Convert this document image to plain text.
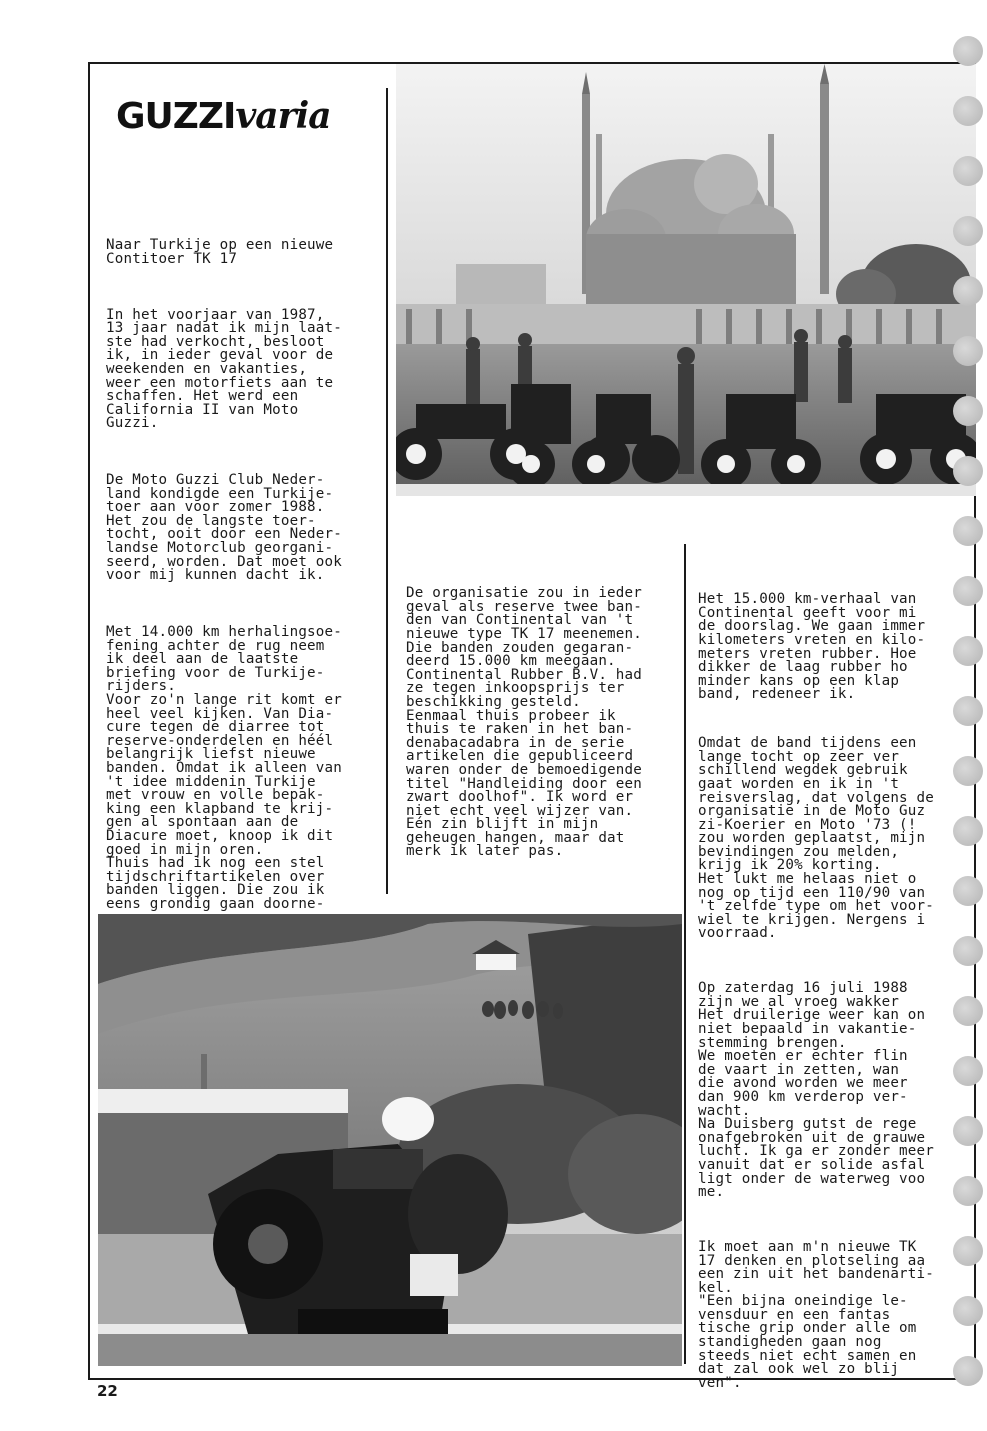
GUZZIvaria

Naar Turkije op een nieuwe
Contitoer TK 17

In het voorjaar van 1987,
13 jaar nadat ik mijn laat-
ste had verkocht, besloot
ik, in ieder geval voor de
weekenden en vakanties,
weer een motorfiets aan te
schaffen. Het werd een
California II van Moto
Guzzi.

De Moto Guzzi Club Neder-
land kondigde een Turkije-
toer aan voor zomer 1988.
Het zou de langste toer-
tocht, ooit door een Neder-
landse Motorclub georgani-
seerd, worden. Dat moet ook
voor mij kunnen dacht ik.

Met 14.000 km herhalingsoe-
fening achter de rug neem
ik deel aan de laatste
briefing voor de Turkije-
rijders.
Voor zo'n lange rit komt er
heel veel kijken. Van Dia-
cure tegen de diarree tot
reserve-onderdelen en héél
belangrijk liefst nieuwe
banden. Omdat ik alleen van
't idee middenin Turkije
met vrouw en volle bepak-
king een klapband te krij-
gen al spontaan aan de
Diacure moet, knoop ik dit
goed in mijn oren.
Thuis had ik nog een stel
tijdschriftartikelen over
banden liggen. Die zou ik
eens grondig gaan doorne-

De organisatie zou in ieder
geval als reserve twee ban-
den van Continental van 't
nieuwe type TK 17 meenemen.
Die banden zouden gegaran-
deerd 15.000 km meegaan.
Continental Rubber B.V. had
ze tegen inkoopsprijs ter
beschikking gesteld.
Eenmaal thuis probeer ik
thuis te raken in het ban-
denabacadabra in de serie
artikelen die gepubliceerd
waren onder de bemoedigende
titel "Handleiding door een
zwart doolhof". Ik word er
niet echt veel wijzer van.
Eén zin blijft in mijn
geheugen hangen, maar dat
merk ik later pas.

Het 15.000 km-verhaal van
Continental geeft voor mi
de doorslag. We gaan immer
kilometers vreten en kilo-
meters vreten rubber. Hoe
dikker de laag rubber ho
minder kans op een klap
band, redeneer ik.

Omdat de band tijdens een
lange tocht op zeer ver
schillend wegdek gebruik
gaat worden en ik in 't
reisverslag, dat volgens de
organisatie in de Moto Guz
zi-Koerier en Moto '73 (!
zou worden geplaatst, mijn
bevindingen zou melden,
krijg ik 20% korting.
Het lukt me helaas niet o
nog op tijd een 110/90 van
't zelfde type om het voor-
wiel te krijgen. Nergens i
voorraad.

Op zaterdag 16 juli 1988
zijn we al vroeg wakker
Het druilerige weer kan on
niet bepaald in vakantie-
stemming brengen.
We moeten er echter flin
de vaart in zetten, wan
die avond worden we meer
dan 900 km verderop ver-
wacht.
Na Duisberg gutst de rege
onafgebroken uit de grauwe
lucht. Ik ga er zonder meer
vanuit dat er solide asfal
ligt onder de waterweg voo
me.

Ik moet aan m'n nieuwe TK
17 denken en plotseling aa
een zin uit het bandenarti-
kel.
"Een bijna oneindige le-
vensduur en een fantas
tische grip onder alle om
standigheden gaan nog
steeds niet echt samen en
dat zal ook wel zo blij
ven".

22
